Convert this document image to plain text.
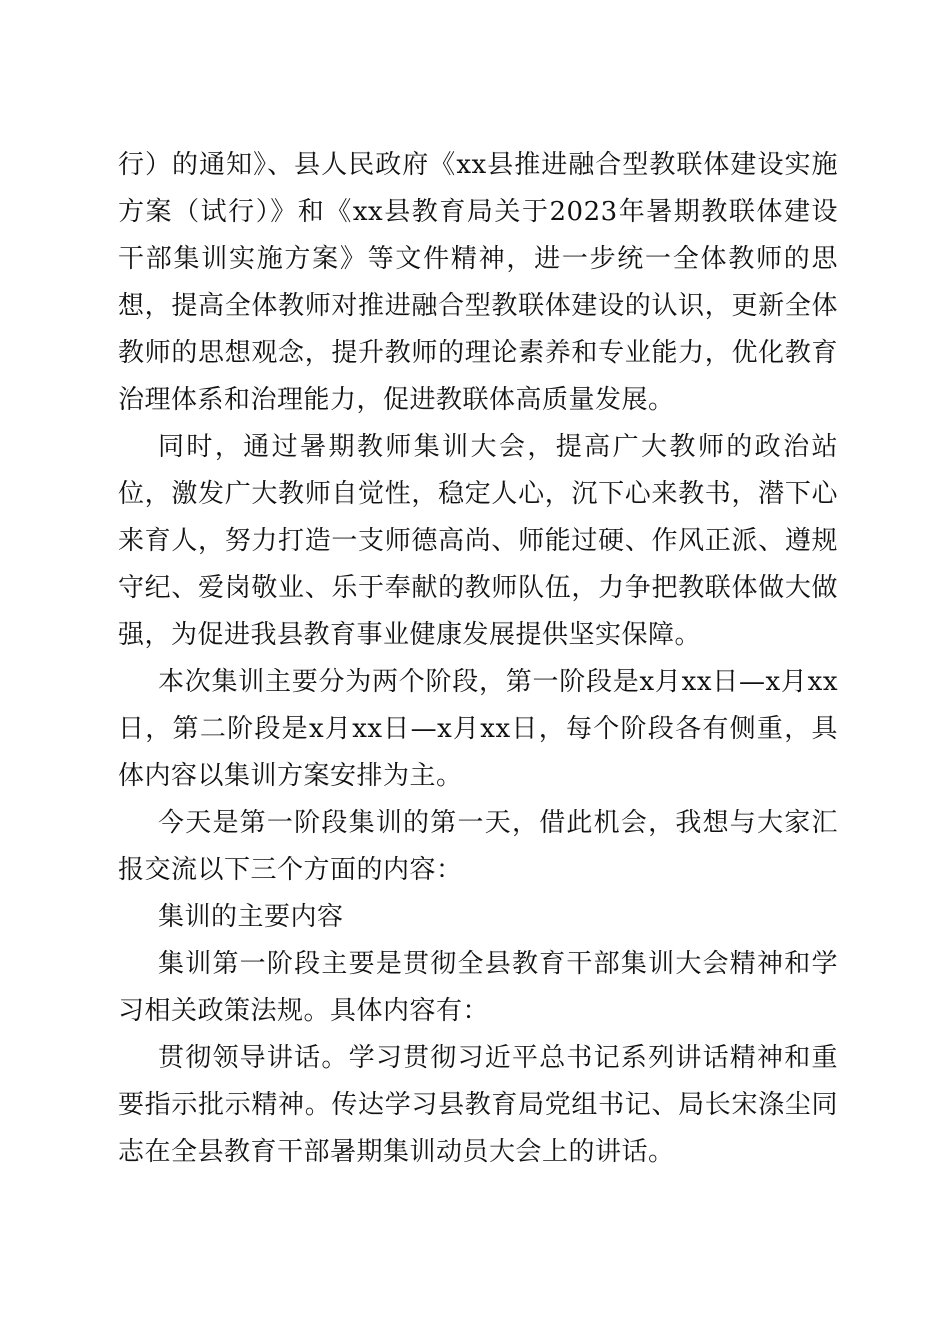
行）的通知》、县人民政府《xx县推进融合型教联体建设实施方案（试行）》和《xx县教育局关于2023年暑期教联体建设干部集训实施方案》等文件精神，进一步统一全体教师的思想，提高全体教师对推进融合型教联体建设的认识，更新全体教师的思想观念，提升教师的理论素养和专业能力，优化教育治理体系和治理能力，促进教联体高质量发展。

同时，通过暑期教师集训大会，提高广大教师的政治站位，激发广大教师自觉性，稳定人心，沉下心来教书，潜下心来育人，努力打造一支师德高尚、师能过硬、作风正派、遵规守纪、爱岗敬业、乐于奉献的教师队伍，力争把教联体做大做强，为促进我县教育事业健康发展提供坚实保障。

本次集训主要分为两个阶段，第一阶段是x月xx日—x月xx日，第二阶段是x月xx日—x月xx日，每个阶段各有侧重，具体内容以集训方案安排为主。

今天是第一阶段集训的第一天，借此机会，我想与大家汇报交流以下三个方面的内容：

集训的主要内容

集训第一阶段主要是贯彻全县教育干部集训大会精神和学习相关政策法规。具体内容有：

贯彻领导讲话。学习贯彻习近平总书记系列讲话精神和重要指示批示精神。传达学习县教育局党组书记、局长宋涤尘同志在全县教育干部暑期集训动员大会上的讲话。
